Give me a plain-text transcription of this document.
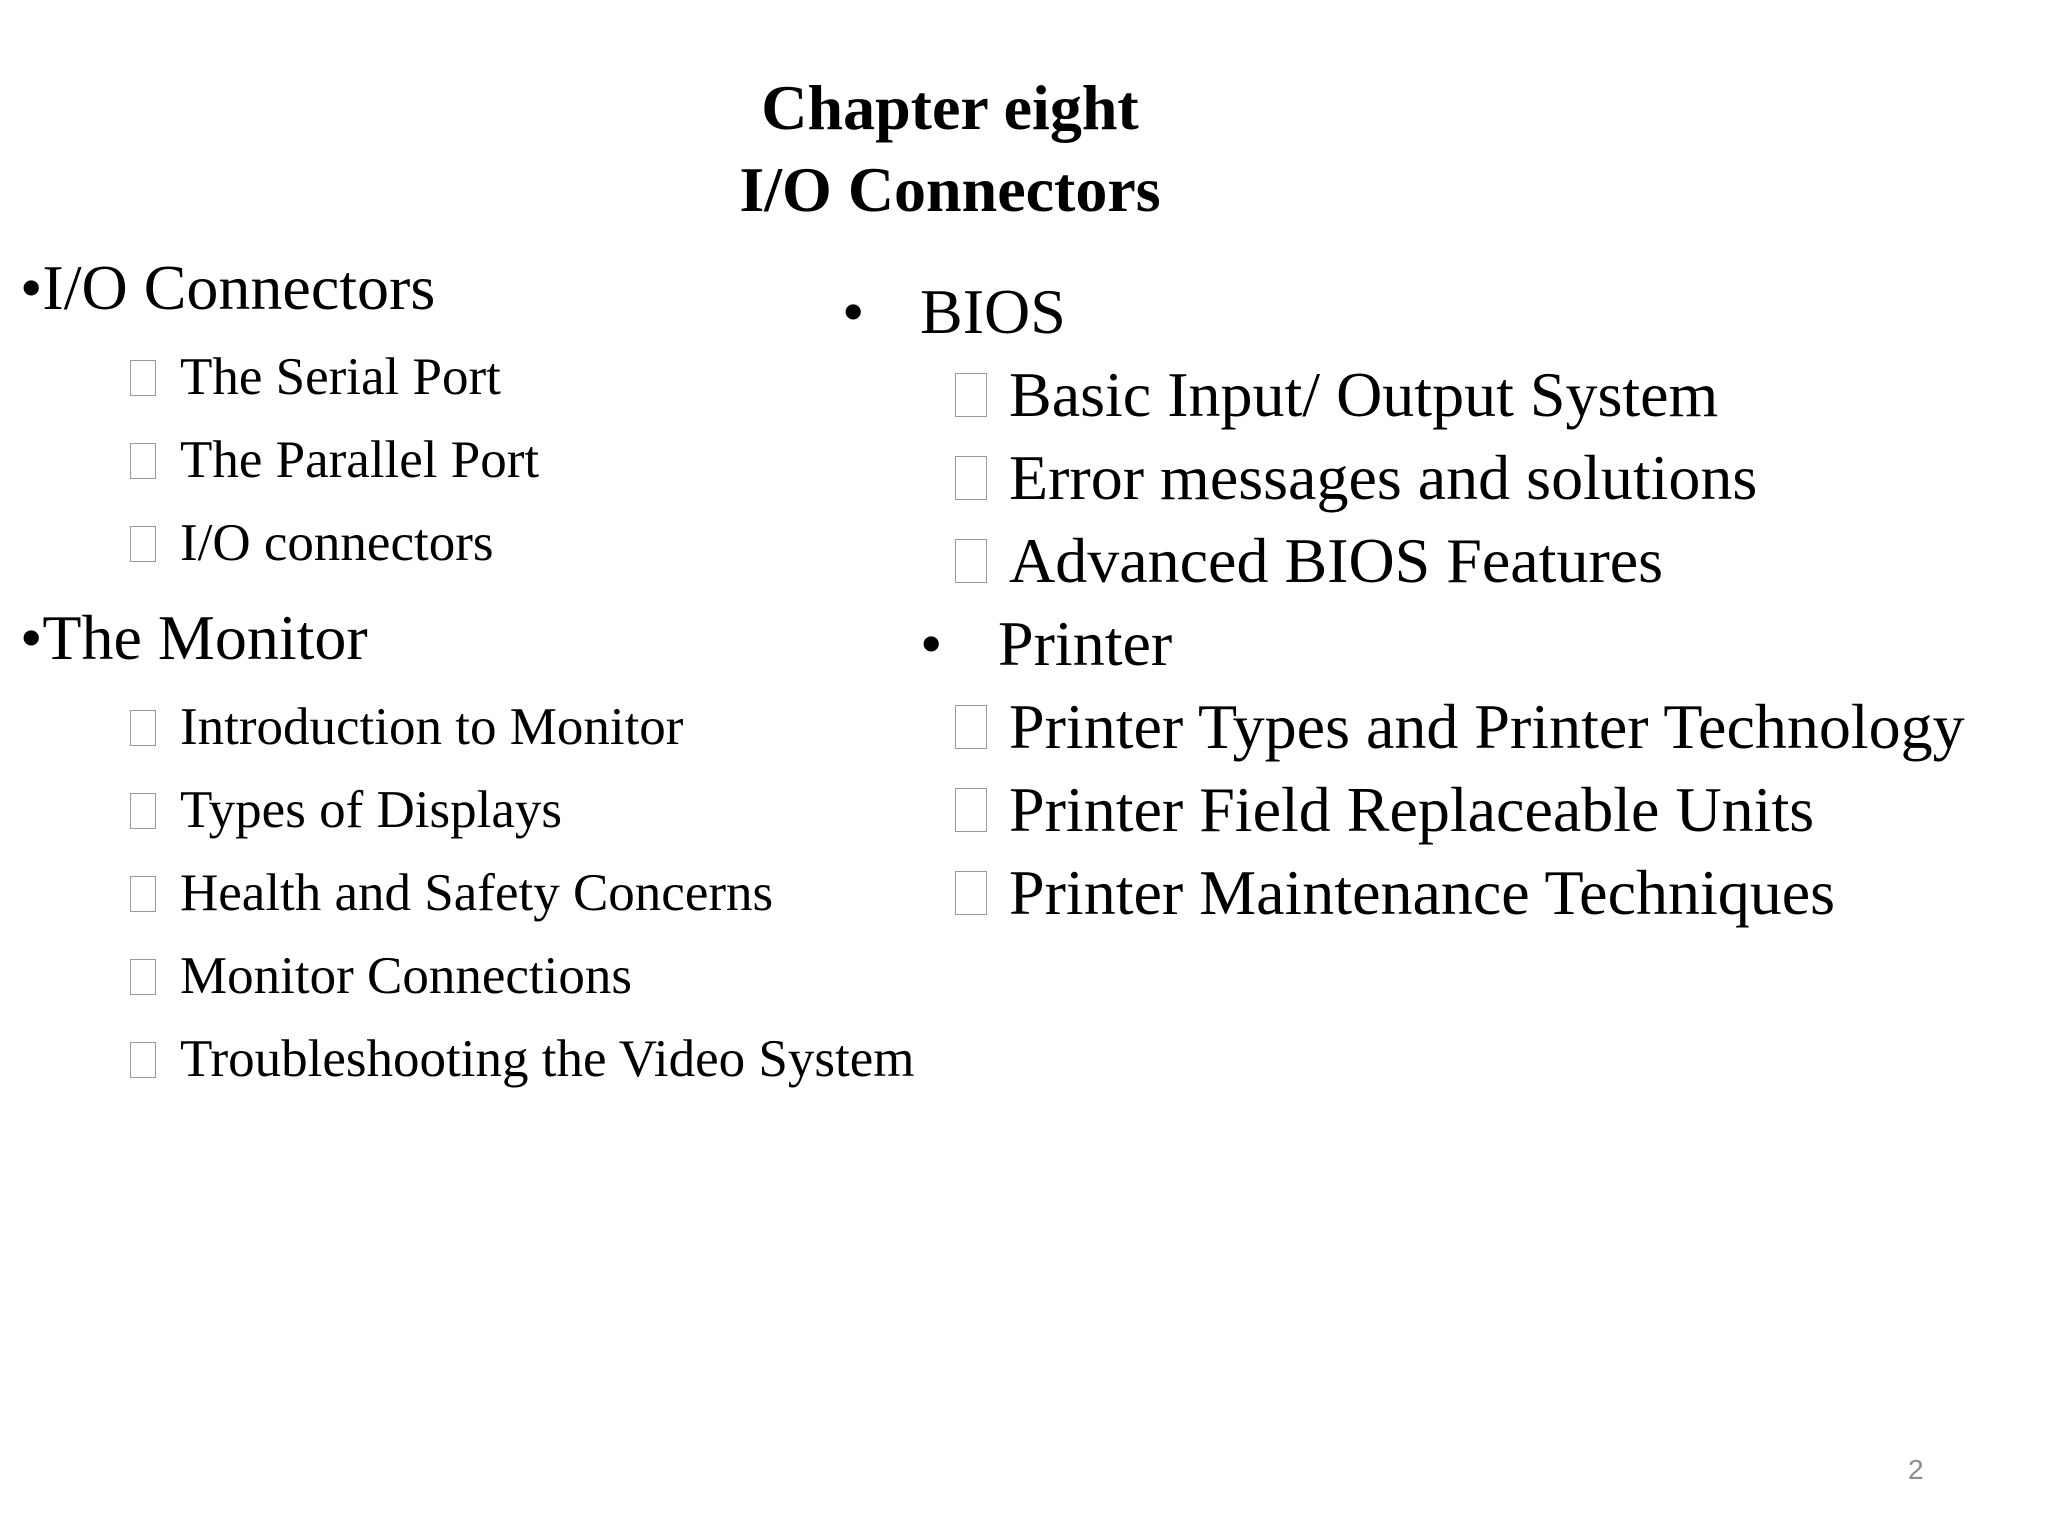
Chapter eight
I/O Connectors
•I/O Connectors
The Serial Port
The Parallel Port
I/O connectors
•The Monitor
Introduction to Monitor
Types of Displays
Health and Safety Concerns
Monitor Connections
Troubleshooting the Video System
• BIOS
Basic Input/ Output System
Error messages and solutions
Advanced BIOS Features
• Printer
Printer Types and Printer Technology
Printer Field Replaceable Units
Printer Maintenance Techniques
2
